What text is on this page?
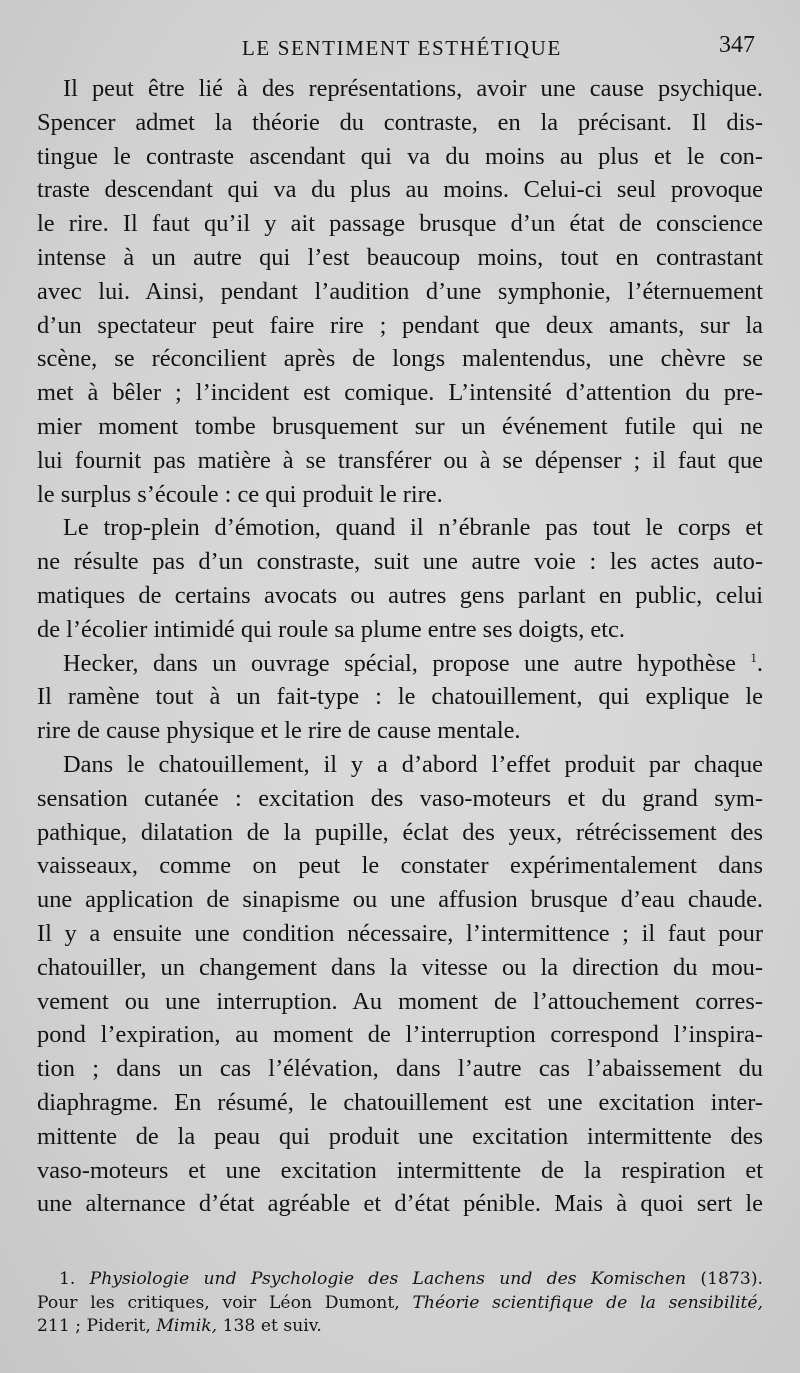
LE SENTIMENT ESTHÉTIQUE	347
Il peut être lié à des représentations, avoir une cause psychique.
Spencer admet la théorie du contraste, en la précisant. Il dis-
tingue le contraste ascendant qui va du moins au plus et le con-
traste descendant qui va du plus au moins. Celui-ci seul provoque
le rire. Il faut qu’il y ait passage brusque d’un état de conscience
intense à un autre qui l’est beaucoup moins, tout en contrastant
avec lui. Ainsi, pendant l’audition d’une symphonie, l’éternuement
d’un spectateur peut faire rire ; pendant que deux amants, sur la
scène, se réconcilient après de longs malentendus, une chèvre se
met à bêler ; l’incident est comique. L’intensité d’attention du pre-
mier moment tombe brusquement sur un événement futile qui ne
lui fournit pas matière à se transférer ou à se dépenser ; il faut que
le surplus s’écoule : ce qui produit le rire.
Le trop-plein d’émotion, quand il n’ébranle pas tout le corps et
ne résulte pas d’un constraste, suit une autre voie : les actes auto-
matiques de certains avocats ou autres gens parlant en public, celui
de l’écolier intimidé qui roule sa plume entre ses doigts, etc.
Hecker, dans un ouvrage spécial, propose une autre hypothèse $^1$.
Il ramène tout à un fait-type : le chatouillement, qui explique le
rire de cause physique et le rire de cause mentale.
Dans le chatouillement, il y a d’abord l’effet produit par chaque
sensation cutanée : excitation des vaso-moteurs et du grand sym-
pathique, dilatation de la pupille, éclat des yeux, rétrécissement des
vaisseaux, comme on peut le constater expérimentalement dans
une application de sinapisme ou une affusion brusque d’eau chaude.
Il y a ensuite une condition nécessaire, l’intermittence ; il faut pour
chatouiller, un changement dans la vitesse ou la direction du mou-
vement ou une interruption. Au moment de l’attouchement corres-
pond l’expiration, au moment de l’interruption correspond l’inspira-
tion ; dans un cas l’élévation, dans l’autre cas l’abaissement du
diaphragme. En résumé, le chatouillement est une excitation inter-
mittente de la peau qui produit une excitation intermittente des
vaso-moteurs et une excitation intermittente de la respiration et
une alternance d’état agréable et d’état pénible. Mais à quoi sert le
1. Physiologie und Psychologie des Lachens und des Komischen (1873).
Pour les critiques, voir Léon Dumont, Théorie scientifique de la sensibilité,
211 ; Piderit, Mimik, 138 et suiv.
